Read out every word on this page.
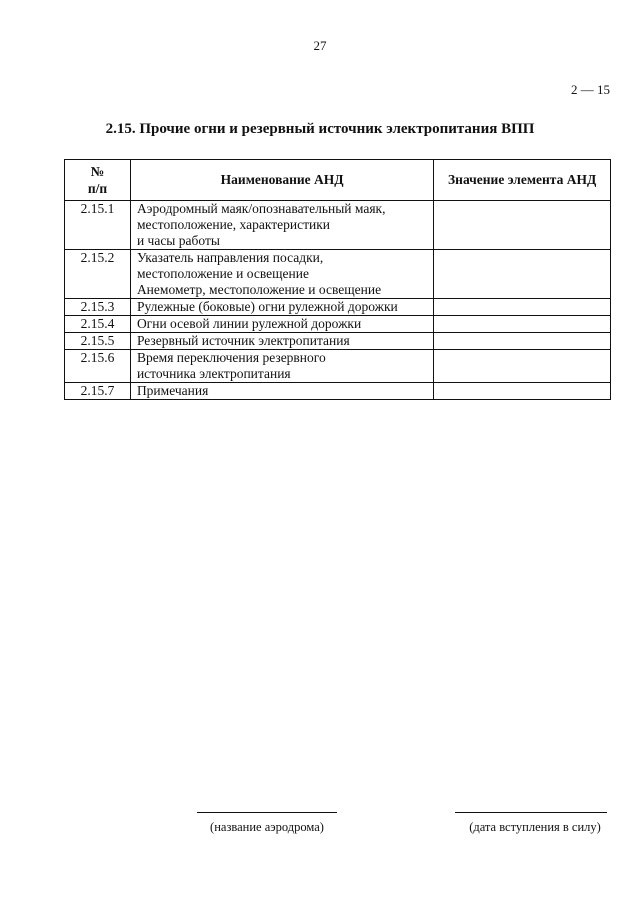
27
2 — 15
2.15. Прочие огни и резервный источник электропитания ВПП
№
п/п	Наименование АНД	Значение элемента АНД
2.15.1	Аэродромный маяк/опознавательный маяк,
местоположение, характеристики
и часы работы	

2.15.2	Указатель направления посадки,
местоположение и освещение
Анемометр, местоположение и освещение	

2.15.3	Рулежные (боковые) огни рулежной дорожки	

2.15.4	Огни осевой линии рулежной дорожки	

2.15.5	Резервный источник электропитания	

2.15.6	Время переключения резервного
источника электропитания	

2.15.7	Примечания	

(название аэродрома)	(дата вступления в силу)
